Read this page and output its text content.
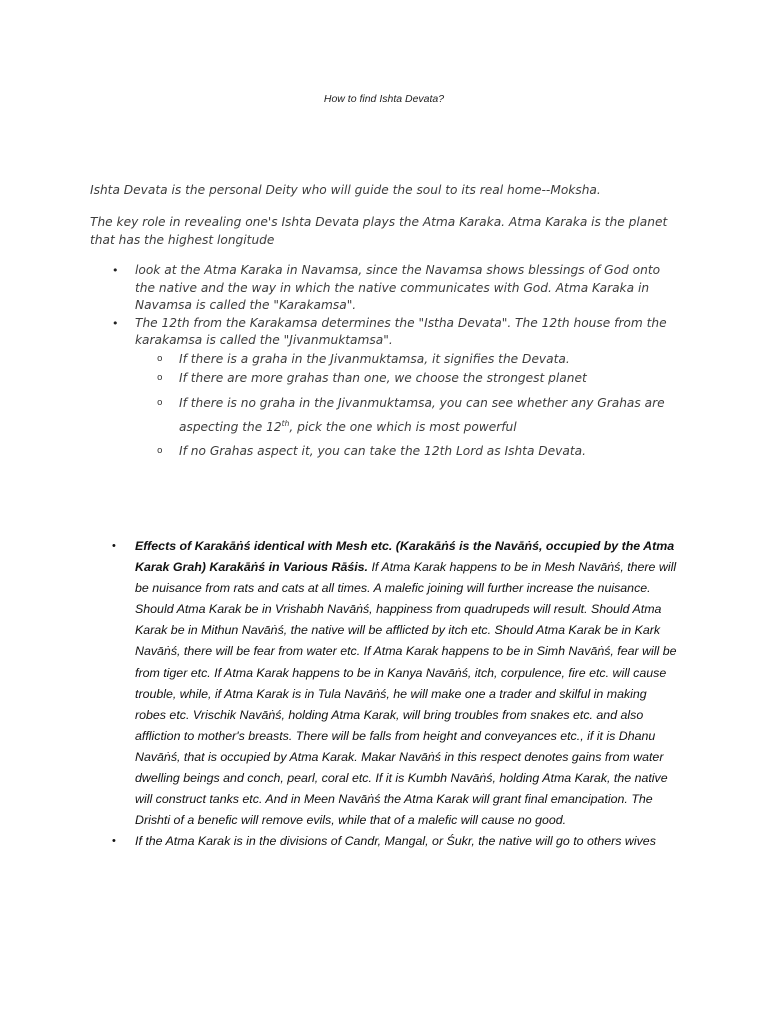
How to find Ishta Devata?

Ishta Devata is the personal Deity who will guide the soul to its real home--Moksha.

The key role in revealing one's Ishta Devata plays the Atma Karaka. Atma Karaka is the planet that has the highest longitude

• look at the Atma Karaka in Navamsa, since the Navamsa shows blessings of God onto the native and the way in which the native communicates with God. Atma Karaka in Navamsa is called the "Karakamsa".
• The 12th from the Karakamsa determines the "Istha Devata". The 12th house from the karakamsa is called the "Jivanmuktamsa".
o If there is a graha in the Jivanmuktamsa, it signifies the Devata.
o If there are more grahas than one, we choose the strongest planet
o If there is no graha in the Jivanmuktamsa, you can see whether any Grahas are aspecting the 12th, pick the one which is most powerful
o If no Grahas aspect it, you can take the 12th Lord as Ishta Devata.
• Effects of Karakāṅś identical with Mesh etc. (Karakāṅś is the Navāṅś, occupied by the Atma Karak Grah) Karakāṅś in Various Rāśis. If Atma Karak happens to be in Mesh Navāṅś, there will be nuisance from rats and cats at all times. A malefic joining will further increase the nuisance. Should Atma Karak be in Vrishabh Navāṅś, happiness from quadrupeds will result. Should Atma Karak be in Mithun Navāṅś, the native will be afflicted by itch etc. Should Atma Karak be in Kark Navāṅś, there will be fear from water etc. If Atma Karak happens to be in Simh Navāṅś, fear will be from tiger etc. If Atma Karak happens to be in Kanya Navāṅś, itch, corpulence, fire etc. will cause trouble, while, if Atma Karak is in Tula Navāṅś, he will make one a trader and skilful in making robes etc. Vrischik Navāṅś, holding Atma Karak, will bring troubles from snakes etc. and also affliction to mother's breasts. There will be falls from height and conveyances etc., if it is Dhanu Navāṅś, that is occupied by Atma Karak. Makar Navāṅś in this respect denotes gains from water dwelling beings and conch, pearl, coral etc. If it is Kumbh Navāṅś, holding Atma Karak, the native will construct tanks etc. And in Meen Navāṅś the Atma Karak will grant final emancipation. The Drishti of a benefic will remove evils, while that of a malefic will cause no good.
• If the Atma Karak is in the divisions of Candr, Mangal, or Śukr, the native will go to others wives
